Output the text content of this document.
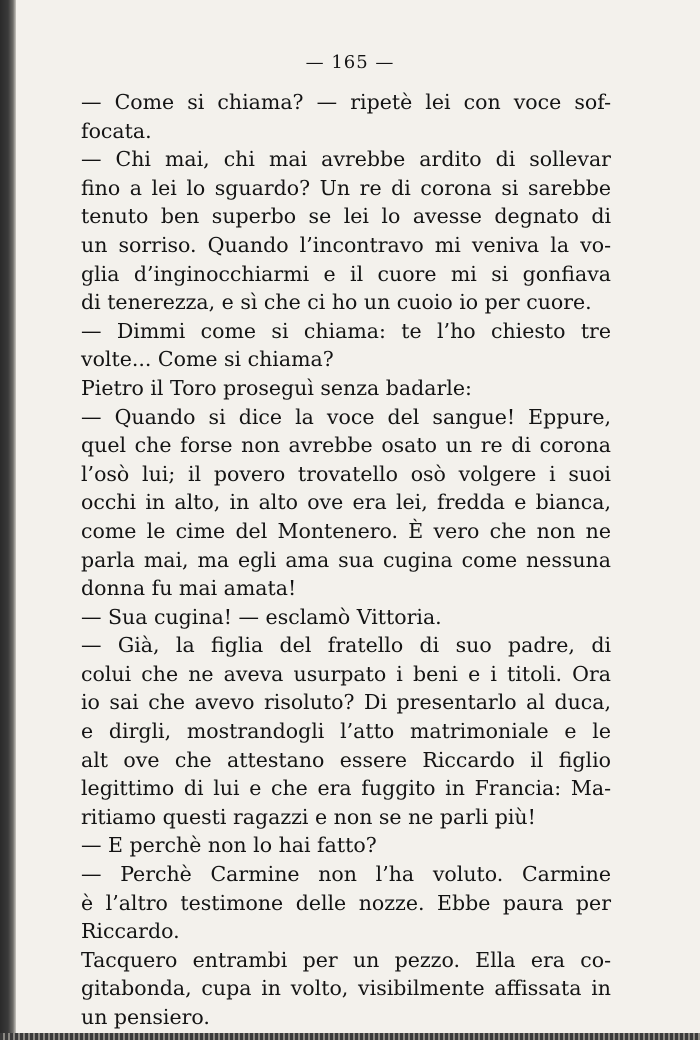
— 165 —
— Come si chiama? — ripetè lei con voce sof-
focata.
— Chi mai, chi mai avrebbe ardito di sollevar
fino a lei lo sguardo? Un re di corona si sarebbe
tenuto ben superbo se lei lo avesse degnato di
un sorriso. Quando l’incontravo mi veniva la vo-
glia d’inginocchiarmi e il cuore mi si gonfiava
di tenerezza, e sì che ci ho un cuoio io per cuore.
— Dimmi come si chiama: te l’ho chiesto tre
volte... Come si chiama?
Pietro il Toro proseguì senza badarle:
— Quando si dice la voce del sangue! Eppure,
quel che forse non avrebbe osato un re di corona
l’osò lui; il povero trovatello osò volgere i suoi
occhi in alto, in alto ove era lei, fredda e bianca,
come le cime del Montenero. È vero che non ne
parla mai, ma egli ama sua cugina come nessuna
donna fu mai amata!
— Sua cugina! — esclamò Vittoria.
— Già, la figlia del fratello di suo padre, di
colui che ne aveva usurpato i beni e i titoli. Ora
io sai che avevo risoluto? Di presentarlo al duca,
e dirgli, mostrandogli l’atto matrimoniale e le
alt ove che attestano essere Riccardo il figlio
legittimo di lui e che era fuggito in Francia: Ma-
ritiamo questi ragazzi e non se ne parli più!
— E perchè non lo hai fatto?
— Perchè Carmine non l’ha voluto. Carmine
è l’altro testimone delle nozze. Ebbe paura per
Riccardo.
Tacquero entrambi per un pezzo. Ella era co-
gitabonda, cupa in volto, visibilmente affissata in
un pensiero.
